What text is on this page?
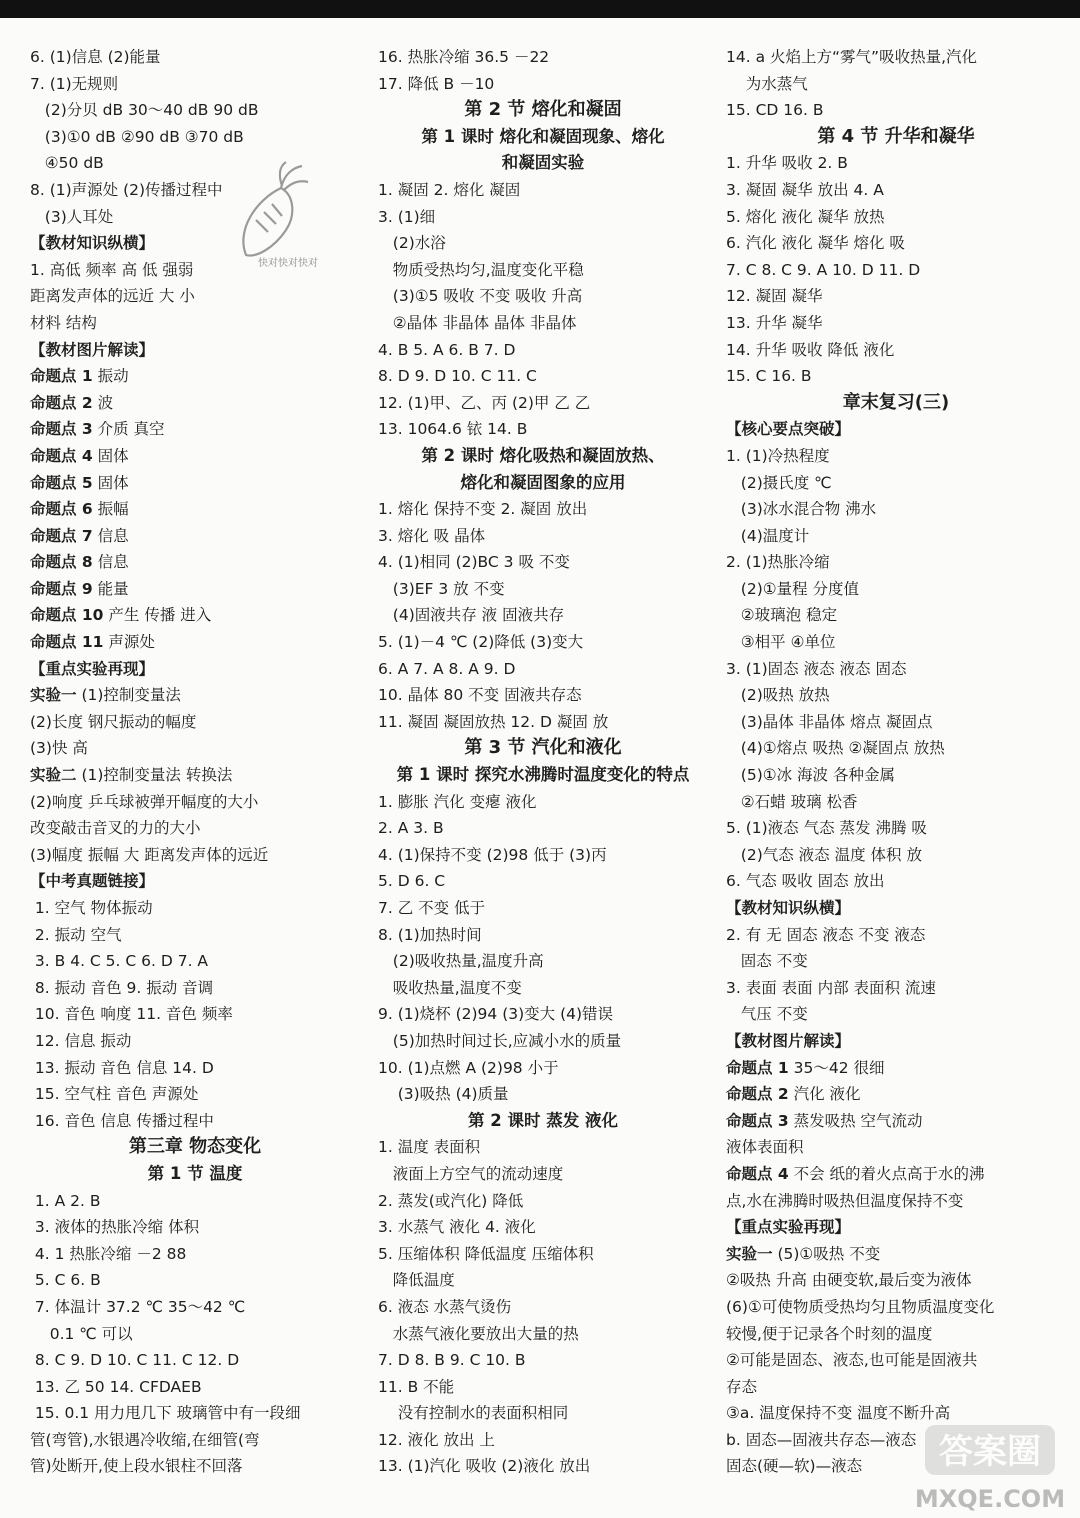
6. (1)信息 (2)能量
7. (1)无规则
(2)分贝 dB 30～40 dB 90 dB
(3)①0 dB ②90 dB ③70 dB
④50 dB
8. (1)声源处 (2)传播过程中
(3)人耳处
【教材知识纵横】
1. 高低 频率 高 低 强弱
距离发声体的远近 大 小
材料 结构
【教材图片解读】
命题点 1 振动
命题点 2 波
命题点 3 介质 真空
命题点 4 固体
命题点 5 固体
命题点 6 振幅
命题点 7 信息
命题点 8 信息
命题点 9 能量
命题点 10 产生 传播 进入
命题点 11 声源处
【重点实验再现】
实验一 (1)控制变量法
(2)长度 钢尺振动的幅度
(3)快 高
实验二 (1)控制变量法 转换法
(2)响度 乒乓球被弹开幅度的大小
改变敲击音叉的力的大小
(3)幅度 振幅 大 距离发声体的远近
【中考真题链接】
1. 空气 物体振动
2. 振动 空气
3. B 4. C 5. C 6. D 7. A
8. 振动 音色 9. 振动 音调
10. 音色 响度 11. 音色 频率
12. 信息 振动
13. 振动 音色 信息 14. D
15. 空气柱 音色 声源处
16. 音色 信息 传播过程中
第三章 物态变化
第 1 节 温度
1. A 2. B
3. 液体的热胀冷缩 体积
4. 1 热胀冷缩 －2 88
5. C 6. B
7. 体温计 37.2 ℃ 35～42 ℃
0.1 ℃ 可以
8. C 9. D 10. C 11. C 12. D
13. 乙 50 14. CFDAEB
15. 0.1 用力甩几下 玻璃管中有一段细
管(弯管),水银遇冷收缩,在细管(弯
管)处断开,使上段水银柱不回落
16. 热胀冷缩 36.5 －22
17. 降低 B －10
第 2 节 熔化和凝固
第 1 课时 熔化和凝固现象、熔化
和凝固实验
1. 凝固 2. 熔化 凝固
3. (1)细
(2)水浴
物质受热均匀,温度变化平稳
(3)①5 吸收 不变 吸收 升高
②晶体 非晶体 晶体 非晶体
4. B 5. A 6. B 7. D
8. D 9. D 10. C 11. C
12. (1)甲、乙、丙 (2)甲 乙 乙
13. 1064.6 铱 14. B
第 2 课时 熔化吸热和凝固放热、
熔化和凝固图象的应用
1. 熔化 保持不变 2. 凝固 放出
3. 熔化 吸 晶体
4. (1)相同 (2)BC 3 吸 不变
(3)EF 3 放 不变
(4)固液共存 液 固液共存
5. (1)－4 ℃ (2)降低 (3)变大
6. A 7. A 8. A 9. D
10. 晶体 80 不变 固液共存态
11. 凝固 凝固放热 12. D 凝固 放
第 3 节 汽化和液化
第 1 课时 探究水沸腾时温度变化的特点
1. 膨胀 汽化 变瘪 液化
2. A 3. B
4. (1)保持不变 (2)98 低于 (3)丙
5. D 6. C
7. 乙 不变 低于
8. (1)加热时间
(2)吸收热量,温度升高
吸收热量,温度不变
9. (1)烧杯 (2)94 (3)变大 (4)错误
(5)加热时间过长,应减小水的质量
10. (1)点燃 A (2)98 小于
(3)吸热 (4)质量
第 2 课时 蒸发 液化
1. 温度 表面积
液面上方空气的流动速度
2. 蒸发(或汽化) 降低
3. 水蒸气 液化 4. 液化
5. 压缩体积 降低温度 压缩体积
降低温度
6. 液态 水蒸气烫伤
水蒸气液化要放出大量的热
7. D 8. B 9. C 10. B
11. B 不能
没有控制水的表面积相同
12. 液化 放出 上
13. (1)汽化 吸收 (2)液化 放出
14. a 火焰上方“雾气”吸收热量,汽化
为水蒸气
15. CD 16. B
第 4 节 升华和凝华
1. 升华 吸收 2. B
3. 凝固 凝华 放出 4. A
5. 熔化 液化 凝华 放热
6. 汽化 液化 凝华 熔化 吸
7. C 8. C 9. A 10. D 11. D
12. 凝固 凝华
13. 升华 凝华
14. 升华 吸收 降低 液化
15. C 16. B
章末复习(三)
【核心要点突破】
1. (1)冷热程度
(2)摄氏度 ℃
(3)冰水混合物 沸水
(4)温度计
2. (1)热胀冷缩
(2)①量程 分度值
②玻璃泡 稳定
③相平 ④单位
3. (1)固态 液态 液态 固态
(2)吸热 放热
(3)晶体 非晶体 熔点 凝固点
(4)①熔点 吸热 ②凝固点 放热
(5)①冰 海波 各种金属
②石蜡 玻璃 松香
5. (1)液态 气态 蒸发 沸腾 吸
(2)气态 液态 温度 体积 放
6. 气态 吸收 固态 放出
【教材知识纵横】
2. 有 无 固态 液态 不变 液态
固态 不变
3. 表面 表面 内部 表面积 流速
气压 不变
【教材图片解读】
命题点 1 35～42 很细
命题点 2 汽化 液化
命题点 3 蒸发吸热 空气流动
液体表面积
命题点 4 不会 纸的着火点高于水的沸
点,水在沸腾时吸热但温度保持不变
【重点实验再现】
实验一 (5)①吸热 不变
②吸热 升高 由硬变软,最后变为液体
(6)①可使物质受热均匀且物质温度变化
较慢,便于记录各个时刻的温度
②可能是固态、液态,也可能是固液共
存态
③a. 温度保持不变 温度不断升高
b. 固态—固液共存态—液态
固态(硬—软)—液态
快对快对快对
答案圈
MXQE.COM
